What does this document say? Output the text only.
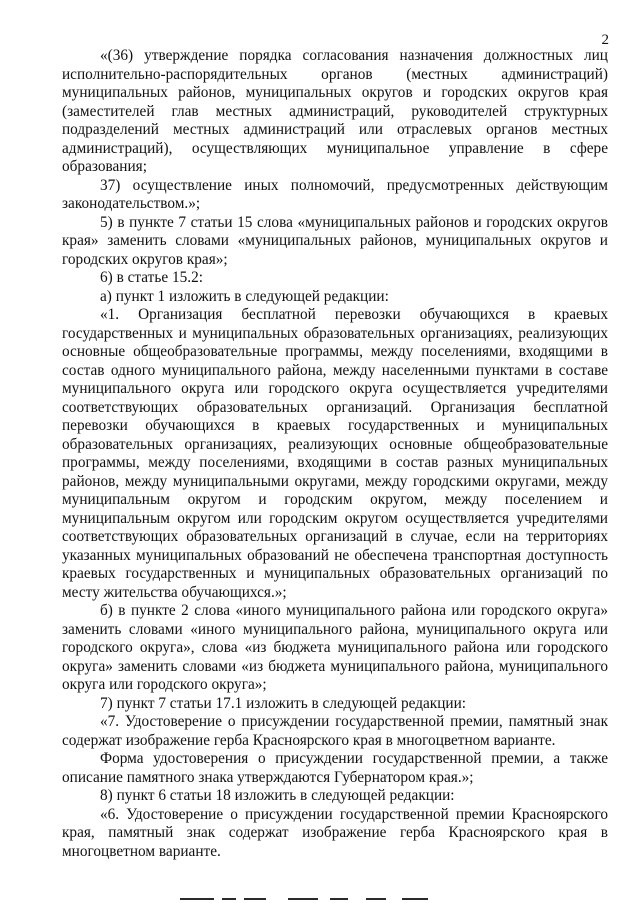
2

«(36) утверждение порядка согласования назначения должностных лиц исполнительно-распорядительных органов (местных администраций) муниципальных районов, муниципальных округов и городских округов края (заместителей глав местных администраций, руководителей структурных подразделений местных администраций или отраслевых органов местных администраций), осуществляющих муниципальное управление в сфере образования;

37) осуществление иных полномочий, предусмотренных действующим законодательством.»;

5) в пункте 7 статьи 15 слова «муниципальных районов и городских округов края» заменить словами «муниципальных районов, муниципальных округов и городских округов края»;

6) в статье 15.2:

а) пункт 1 изложить в следующей редакции:

«1. Организация бесплатной перевозки обучающихся в краевых государственных и муниципальных образовательных организациях, реализующих основные общеобразовательные программы, между поселениями, входящими в состав одного муниципального района, между населенными пунктами в составе муниципального округа или городского округа осуществляется учредителями соответствующих образовательных организаций. Организация бесплатной перевозки обучающихся в краевых государственных и муниципальных образовательных организациях, реализующих основные общеобразовательные программы, между поселениями, входящими в состав разных муниципальных районов, между муниципальными округами, между городскими округами, между муниципальным округом и городским округом, между поселением и муниципальным округом или городским округом осуществляется учредителями соответствующих образовательных организаций в случае, если на территориях указанных муниципальных образований не обеспечена транспортная доступность краевых государственных и муниципальных образовательных организаций по месту жительства обучающихся.»;

б) в пункте 2 слова «иного муниципального района или городского округа» заменить словами «иного муниципального района, муниципального округа или городского округа», слова «из бюджета муниципального района или городского округа» заменить словами «из бюджета муниципального района, муниципального округа или городского округа»;

7) пункт 7 статьи 17.1 изложить в следующей редакции:

«7. Удостоверение о присуждении государственной премии, памятный знак содержат изображение герба Красноярского края в многоцветном варианте.

Форма удостоверения о присуждении государственной премии, а также описание памятного знака утверждаются Губернатором края.»;

8) пункт 6 статьи 18 изложить в следующей редакции:

«6. Удостоверение о присуждении государственной премии Красноярского края, памятный знак содержат изображение герба Красноярского края в многоцветном варианте.
